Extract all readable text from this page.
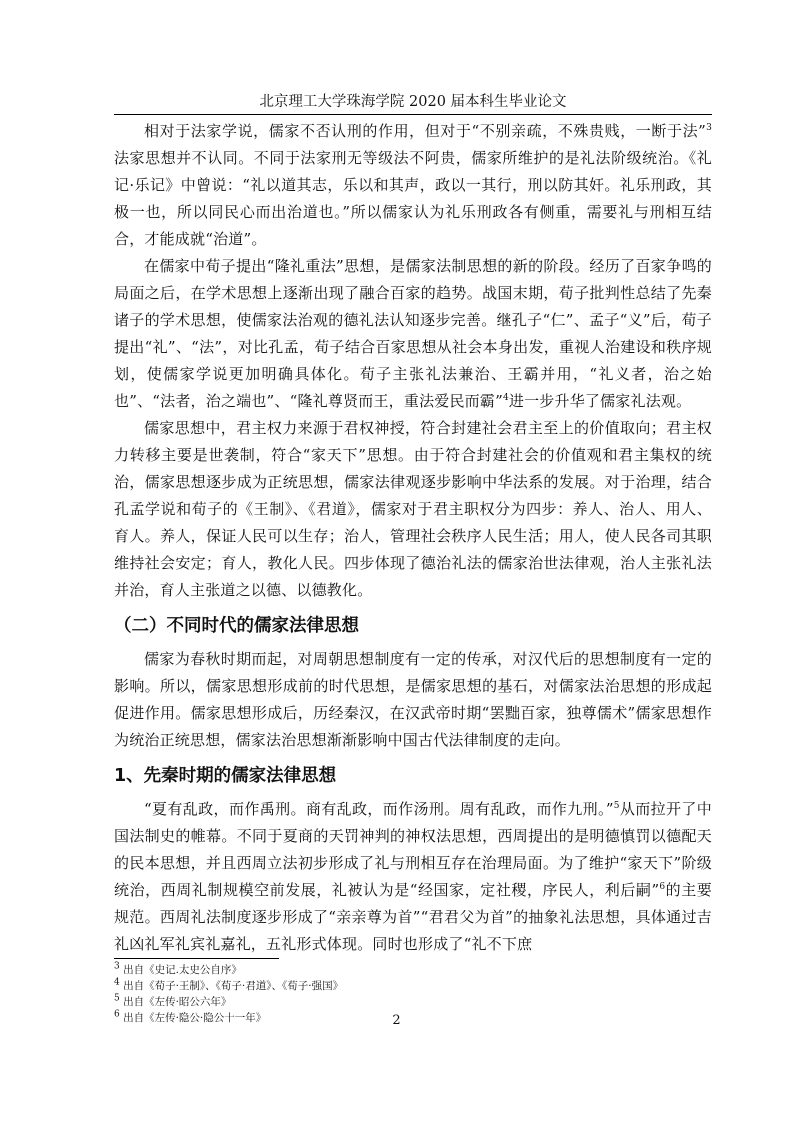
北京理工大学珠海学院 2020 届本科生毕业论文

相对于法家学说，儒家不否认刑的作用，但对于“不别亲疏，不殊贵贱，一断于法”$^3$法家思想并不认同。不同于法家刑无等级法不阿贵，儒家所维护的是礼法阶级统治。《礼记·乐记》中曾说：“礼以道其志，乐以和其声，政以一其行，刑以防其奸。礼乐刑政，其极一也，所以同民心而出治道也。”所以儒家认为礼乐刑政各有侧重，需要礼与刑相互结合，才能成就“治道”。

在儒家中荀子提出“隆礼重法”思想，是儒家法制思想的新的阶段。经历了百家争鸣的局面之后，在学术思想上逐渐出现了融合百家的趋势。战国末期，荀子批判性总结了先秦诸子的学术思想，使儒家法治观的德礼法认知逐步完善。继孔子“仁”、孟子“义”后，荀子提出“礼”、“法”，对比孔孟，荀子结合百家思想从社会本身出发，重视人治建设和秩序规划，使儒家学说更加明确具体化。荀子主张礼法兼治、王霸并用，“礼义者，治之始也”、“法者，治之端也”、“隆礼尊贤而王，重法爱民而霸”$^4$进一步升华了儒家礼法观。

儒家思想中，君主权力来源于君权神授，符合封建社会君主至上的价值取向；君主权力转移主要是世袭制，符合“家天下”思想。由于符合封建社会的价值观和君主集权的统治，儒家思想逐步成为正统思想，儒家法律观逐步影响中华法系的发展。对于治理，结合孔孟学说和荀子的《王制》、《君道》，儒家对于君主职权分为四步：养人、治人、用人、育人。养人，保证人民可以生存；治人，管理社会秩序人民生活；用人，使人民各司其职维持社会安定；育人，教化人民。四步体现了德治礼法的儒家治世法律观，治人主张礼法并治，育人主张道之以德、以德教化。

（二）不同时代的儒家法律思想

儒家为春秋时期而起，对周朝思想制度有一定的传承，对汉代后的思想制度有一定的影响。所以，儒家思想形成前的时代思想，是儒家思想的基石，对儒家法治思想的形成起促进作用。儒家思想形成后，历经秦汉，在汉武帝时期“罢黜百家，独尊儒术”儒家思想作为统治正统思想，儒家法治思想渐渐影响中国古代法律制度的走向。

1、先秦时期的儒家法律思想

“夏有乱政，而作禹刑。商有乱政，而作汤刑。周有乱政，而作九刑。”$^5$从而拉开了中国法制史的帷幕。不同于夏商的天罚神判的神权法思想，西周提出的是明德慎罚以德配天的民本思想，并且西周立法初步形成了礼与刑相互存在治理局面。为了维护“家天下”阶级统治，西周礼制规模空前发展，礼被认为是“经国家，定社稷，序民人，利后嗣”$^6$的主要规范。西周礼法制度逐步形成了“亲亲尊为首”“君君父为首”的抽象礼法思想，具体通过吉礼凶礼军礼宾礼嘉礼，五礼形式体现。同时也形成了“礼不下庶

$^3$ 出自《史记.太史公自序》
$^4$ 出自《荀子·王制》、《荀子·君道》、《荀子·强国》
$^5$ 出自《左传·昭公六年》
$^6$ 出自《左传·隐公·隐公十一年》	2
